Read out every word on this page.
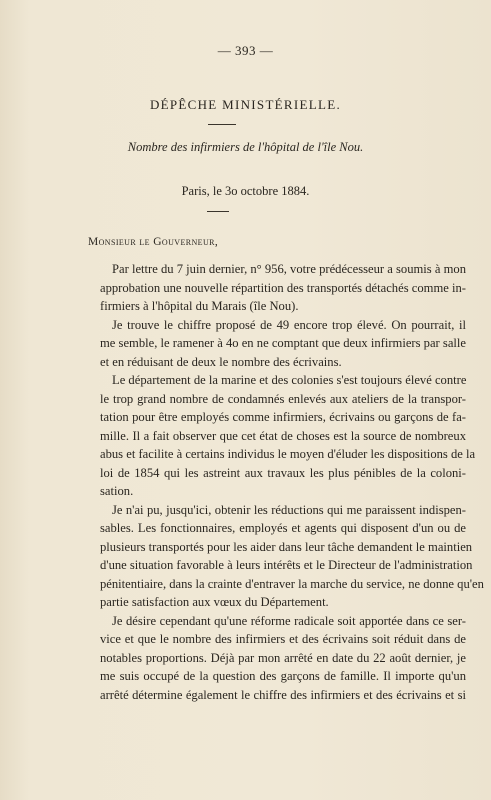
— 393 —
DÉPÊCHE MINISTÉRIELLE.
Nombre des infirmiers de l'hôpital de l'île Nou.
Paris, le 3o octobre 1884.
Monsieur le Gouverneur,

Par lettre du 7 juin dernier, n° 956, votre prédécesseur a soumis à mon
approbation une nouvelle répartition des transportés détachés comme in-
firmiers à l'hôpital du Marais (île Nou).

Je trouve le chiffre proposé de 49 encore trop élevé. On pourrait, il
me semble, le ramener à 4o en ne comptant que deux infirmiers par salle
et en réduisant de deux le nombre des écrivains.

Le département de la marine et des colonies s'est toujours élevé contre
le trop grand nombre de condamnés enlevés aux ateliers de la transpor-
tation pour être employés comme infirmiers, écrivains ou garçons de fa-
mille. Il a fait observer que cet état de choses est la source de nombreux
abus et facilite à certains individus le moyen d'éluder les dispositions de la
loi de 1854 qui les astreint aux travaux les plus pénibles de la coloni-
sation.

Je n'ai pu, jusqu'ici, obtenir les réductions qui me paraissent indispen-
sables. Les fonctionnaires, employés et agents qui disposent d'un ou de
plusieurs transportés pour les aider dans leur tâche demandent le maintien
d'une situation favorable à leurs intérêts et le Directeur de l'administration
pénitentiaire, dans la crainte d'entraver la marche du service, ne donne qu'en
partie satisfaction aux vœux du Département.

Je désire cependant qu'une réforme radicale soit apportée dans ce ser-
vice et que le nombre des infirmiers et des écrivains soit réduit dans de
notables proportions. Déjà par mon arrêté en date du 22 août dernier, je
me suis occupé de la question des garçons de famille. Il importe qu'un
arrêté détermine également le chiffre des infirmiers et des écrivains et si
